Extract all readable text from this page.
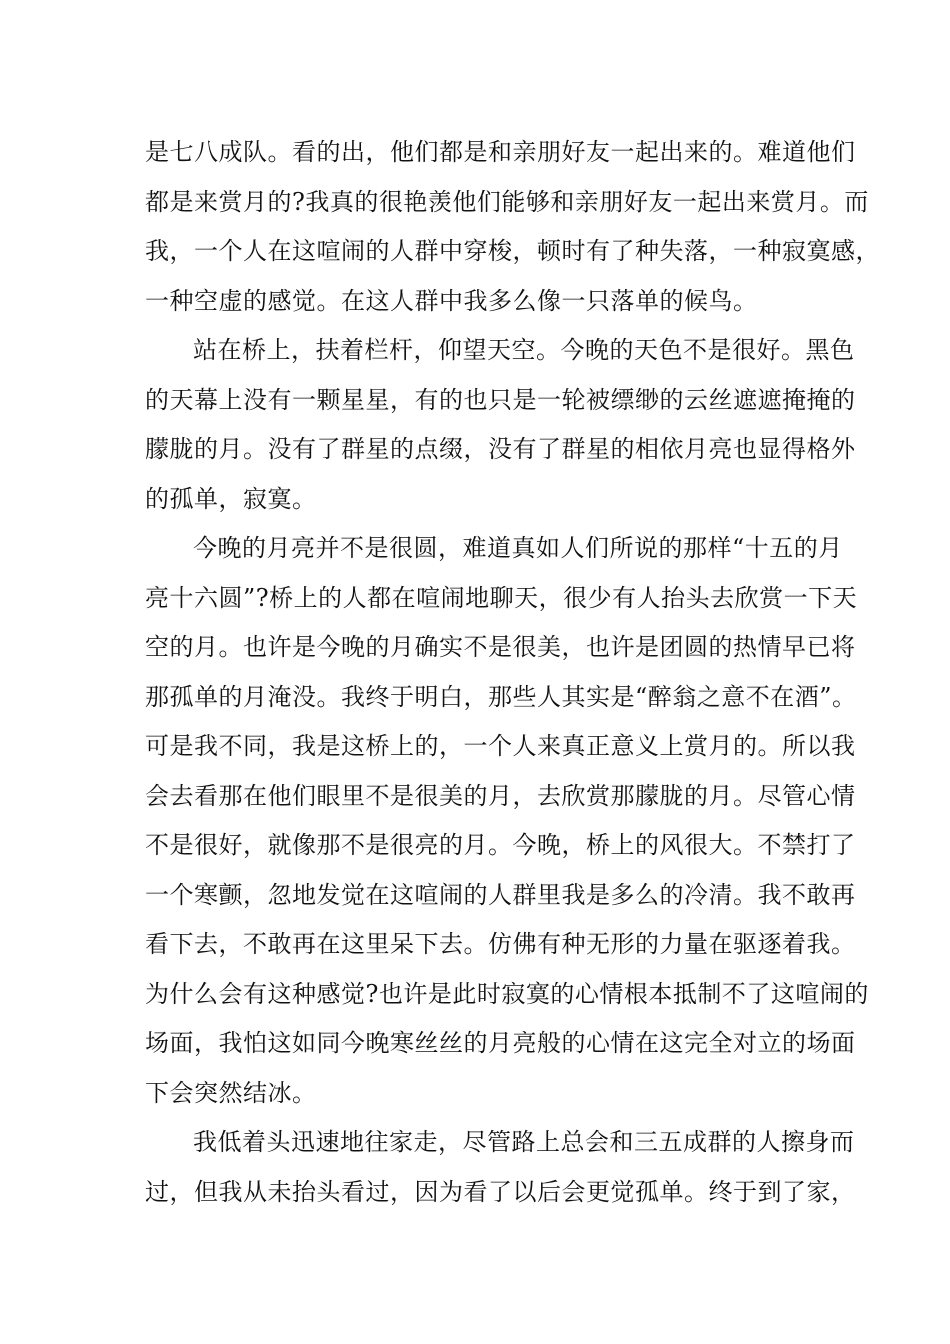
是七八成队。看的出，他们都是和亲朋好友一起出来的。难道他们
都是来赏月的?我真的很艳羡他们能够和亲朋好友一起出来赏月。而
我，一个人在这喧闹的人群中穿梭，顿时有了种失落，一种寂寞感，
一种空虚的感觉。在这人群中我多么像一只落单的候鸟。
站在桥上，扶着栏杆，仰望天空。今晚的天色不是很好。黑色
的天幕上没有一颗星星，有的也只是一轮被缥缈的云丝遮遮掩掩的
朦胧的月。没有了群星的点缀，没有了群星的相依月亮也显得格外
的孤单，寂寞。
今晚的月亮并不是很圆，难道真如人们所说的那样“十五的月
亮十六圆”?桥上的人都在喧闹地聊天，很少有人抬头去欣赏一下天
空的月。也许是今晚的月确实不是很美，也许是团圆的热情早已将
那孤单的月淹没。我终于明白，那些人其实是“醉翁之意不在酒”。
可是我不同，我是这桥上的，一个人来真正意义上赏月的。所以我
会去看那在他们眼里不是很美的月，去欣赏那朦胧的月。尽管心情
不是很好，就像那不是很亮的月。今晚，桥上的风很大。不禁打了
一个寒颤，忽地发觉在这喧闹的人群里我是多么的冷清。我不敢再
看下去，不敢再在这里呆下去。仿佛有种无形的力量在驱逐着我。
为什么会有这种感觉?也许是此时寂寞的心情根本抵制不了这喧闹的
场面，我怕这如同今晚寒丝丝的月亮般的心情在这完全对立的场面
下会突然结冰。
我低着头迅速地往家走，尽管路上总会和三五成群的人擦身而
过，但我从未抬头看过，因为看了以后会更觉孤单。终于到了家，
